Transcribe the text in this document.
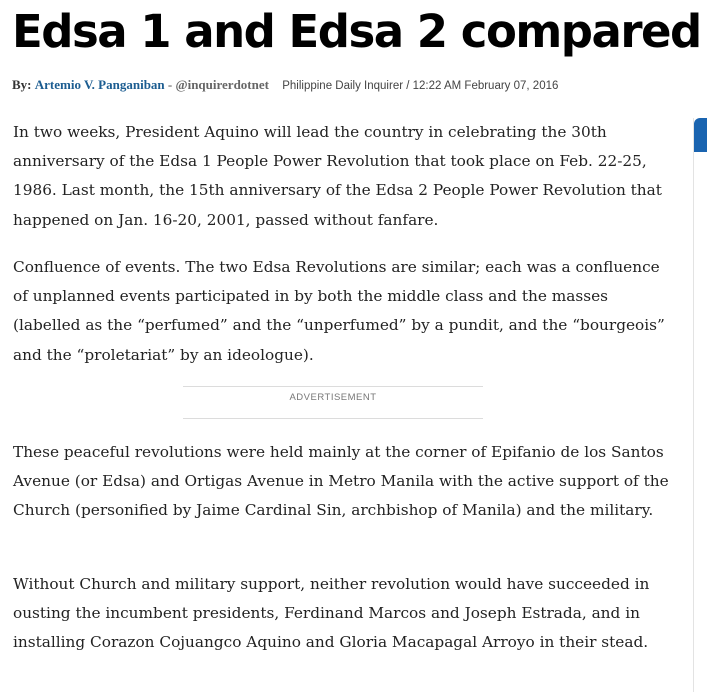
Edsa 1 and Edsa 2 compared
By: Artemio V. Panganiban - @inquirerdotnet Philippine Daily Inquirer / 12:22 AM February 07, 2016

In two weeks, President Aquino will lead the country in celebrating the 30th anniversary of the Edsa 1 People Power Revolution that took place on Feb. 22-25, 1986. Last month, the 15th anniversary of the Edsa 2 People Power Revolution that happened on Jan. 16-20, 2001, passed without fanfare.

Confluence of events. The two Edsa Revolutions are similar; each was a confluence of unplanned events participated in by both the middle class and the masses (labelled as the “perfumed” and the “unperfumed” by a pundit, and the “bourgeois” and the “proletariat” by an ideologue).

These peaceful revolutions were held mainly at the corner of Epifanio de los Santos Avenue (or Edsa) and Ortigas Avenue in Metro Manila with the active support of the Church (personified by Jaime Cardinal Sin, archbishop of Manila) and the military.

Without Church and military support, neither revolution would have succeeded in ousting the incumbent presidents, Ferdinand Marcos and Joseph Estrada, and in installing Corazon Cojuangco Aquino and Gloria Macapagal Arroyo in their stead.

ADVERTISEMENT
